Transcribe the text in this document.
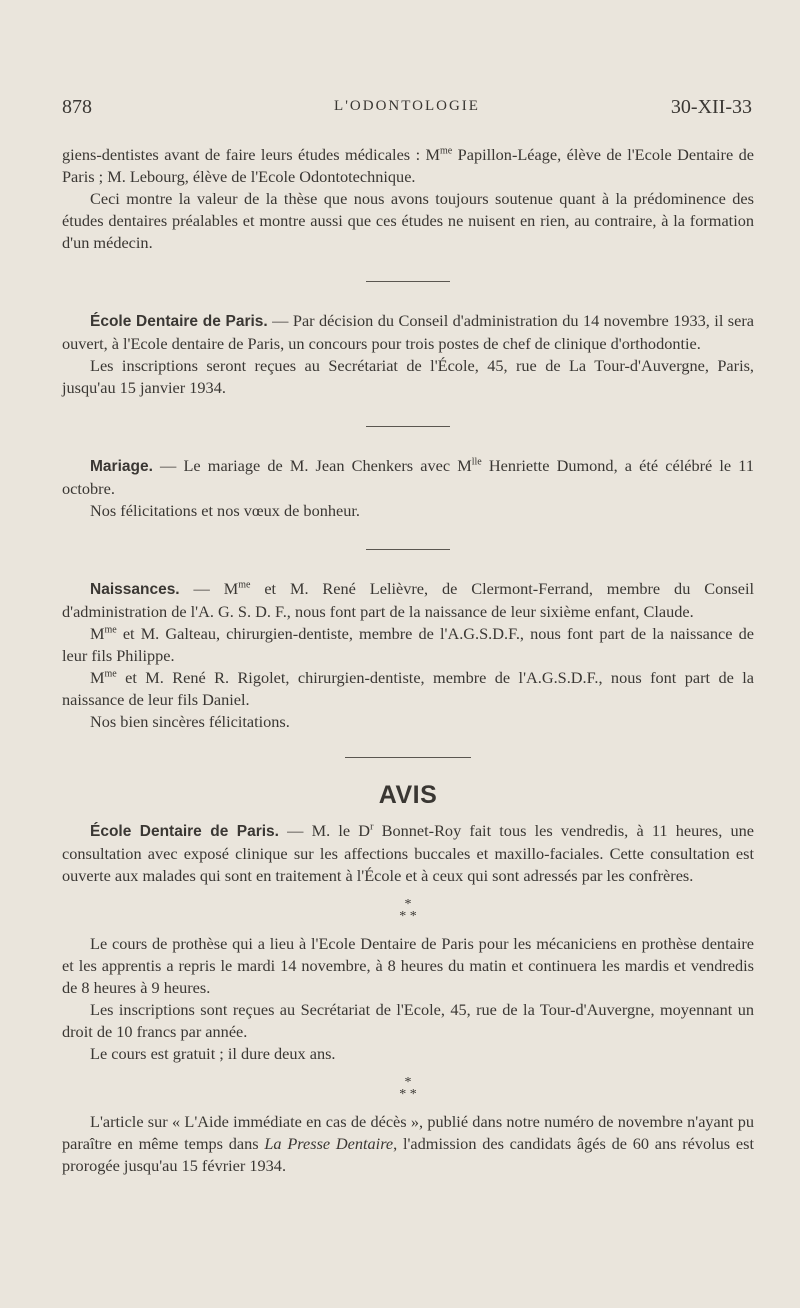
878	L'ODONTOLOGIE	30-XII-33

giens-dentistes avant de faire leurs études médicales : $M^{me}$ Papillon-Léage, élève de l'Ecole Dentaire de Paris ; M. Lebourg, élève de l'Ecole Odontotechnique.

Ceci montre la valeur de la thèse que nous avons toujours soutenue quant à la prédominence des études dentaires préalables et montre aussi que ces études ne nuisent en rien, au contraire, à la formation d'un médecin.

École Dentaire de Paris. — Par décision du Conseil d'administration du 14 novembre 1933, il sera ouvert, à l'Ecole dentaire de Paris, un concours pour trois postes de chef de clinique d'orthodontie.

Les inscriptions seront reçues au Secrétariat de l'École, 45, rue de La Tour-d'Auvergne, Paris, jusqu'au 15 janvier 1934.

Mariage. — Le mariage de M. Jean Chenkers avec $M^{lle}$ Henriette Dumond, a été célébré le 11 octobre.

Nos félicitations et nos vœux de bonheur.

Naissances. — $M^{me}$ et M. René Lelièvre, de Clermont-Ferrand, membre du Conseil d'administration de l'A. G. S. D. F., nous font part de la naissance de leur sixième enfant, Claude.

$M^{me}$ et M. Galteau, chirurgien-dentiste, membre de l'A.G.S.D.F., nous font part de la naissance de leur fils Philippe.

$M^{me}$ et M. René R. Rigolet, chirurgien-dentiste, membre de l'A.G.S.D.F., nous font part de la naissance de leur fils Daniel.

Nos bien sincères félicitations.

AVIS

École Dentaire de Paris. — M. le $D^r$ Bonnet-Roy fait tous les vendredis, à 11 heures, une consultation avec exposé clinique sur les affections buccales et maxillo-faciales. Cette consultation est ouverte aux malades qui sont en traitement à l'École et à ceux qui sont adressés par les confrères.

*
* *

Le cours de prothèse qui a lieu à l'Ecole Dentaire de Paris pour les mécaniciens en prothèse dentaire et les apprentis a repris le mardi 14 novembre, à 8 heures du matin et continuera les mardis et vendredis de 8 heures à 9 heures.

Les inscriptions sont reçues au Secrétariat de l'Ecole, 45, rue de la Tour-d'Auvergne, moyennant un droit de 10 francs par année.

Le cours est gratuit ; il dure deux ans.

*
* *

L'article sur « L'Aide immédiate en cas de décès », publié dans notre numéro de novembre n'ayant pu paraître en même temps dans La Presse Dentaire, l'admission des candidats âgés de 60 ans révolus est prorogée jusqu'au 15 février 1934.
